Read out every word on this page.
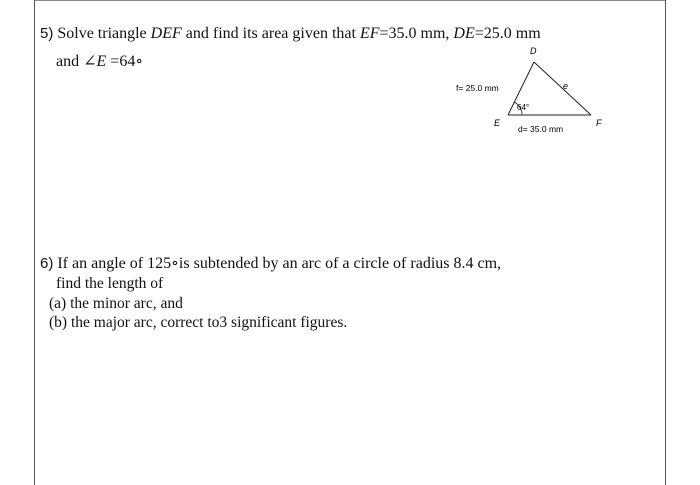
5) Solve triangle DEF and find its area given that EF=35.0 mm, DE=25.0 mm
and ∠E =64∘
D
E	F
f= 25.0 mm	e
d= 35.0 mm
64°
6) If an angle of 125∘is subtended by an arc of a circle of radius 8.4 cm,
find the length of
(a) the minor arc, and
(b) the major arc, correct to3 significant figures.
